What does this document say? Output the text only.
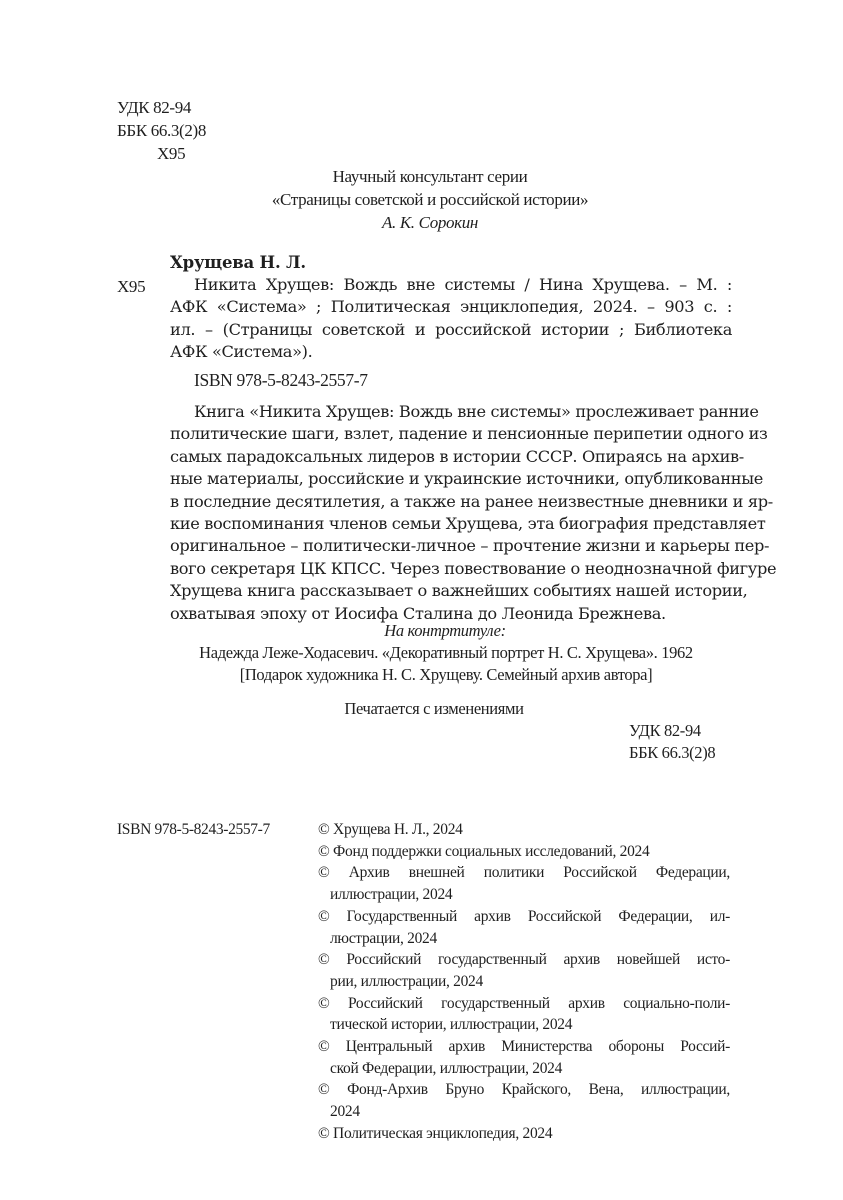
УДК 82-94
ББК 66.3(2)8
Х95
Научный консультант серии
«Страницы советской и российской истории»
А. К. Сорокин
Хрущева Н. Л.
Х95	Никита Хрущев: Вождь вне системы / Нина Хрущева. – М. :
АФК «Система» ; Политическая энциклопедия, 2024. – 903 с. :
ил. – (Страницы советской и российской истории ; Библиотека
АФК «Система»).
ISBN 978-5-8243-2557-7
Книга «Никита Хрущев: Вождь вне системы» прослеживает ранние
политические шаги, взлет, падение и пенсионные перипетии одного из
самых парадоксальных лидеров в истории СССР. Опираясь на архив-
ные материалы, российские и украинские источники, опубликованные
в последние десятилетия, а также на ранее неизвестные дневники и яр-
кие воспоминания членов семьи Хрущева, эта биография представляет
оригинальное – политически-личное – прочтение жизни и карьеры пер-
вого секретаря ЦК КПСС. Через повествование о неоднозначной фигуре
Хрущева книга рассказывает о важнейших событиях нашей истории,
охватывая эпоху от Иосифа Сталина до Леонида Брежнева.
На контртитуле:
Надежда Леже-Ходасевич. «Декоративный портрет Н. С. Хрущева». 1962
[Подарок художника Н. С. Хрущеву. Семейный архив автора]
Печатается с изменениями
УДК 82-94
ББК 66.3(2)8
ISBN 978-5-8243-2557-7	© Хрущева Н. Л., 2024
© Фонд поддержки социальных исследований, 2024
© Архив внешней политики Российской Федерации,
иллюстрации, 2024
© Государственный архив Российской Федерации, ил-
люстрации, 2024
© Российский государственный архив новейшей исто-
рии, иллюстрации, 2024
© Российский государственный архив социально-поли-
тической истории, иллюстрации, 2024
© Центральный архив Министерства обороны Россий-
ской Федерации, иллюстрации, 2024
© Фонд-Архив Бруно Крайского, Вена, иллюстрации,
2024
© Политическая энциклопедия, 2024
